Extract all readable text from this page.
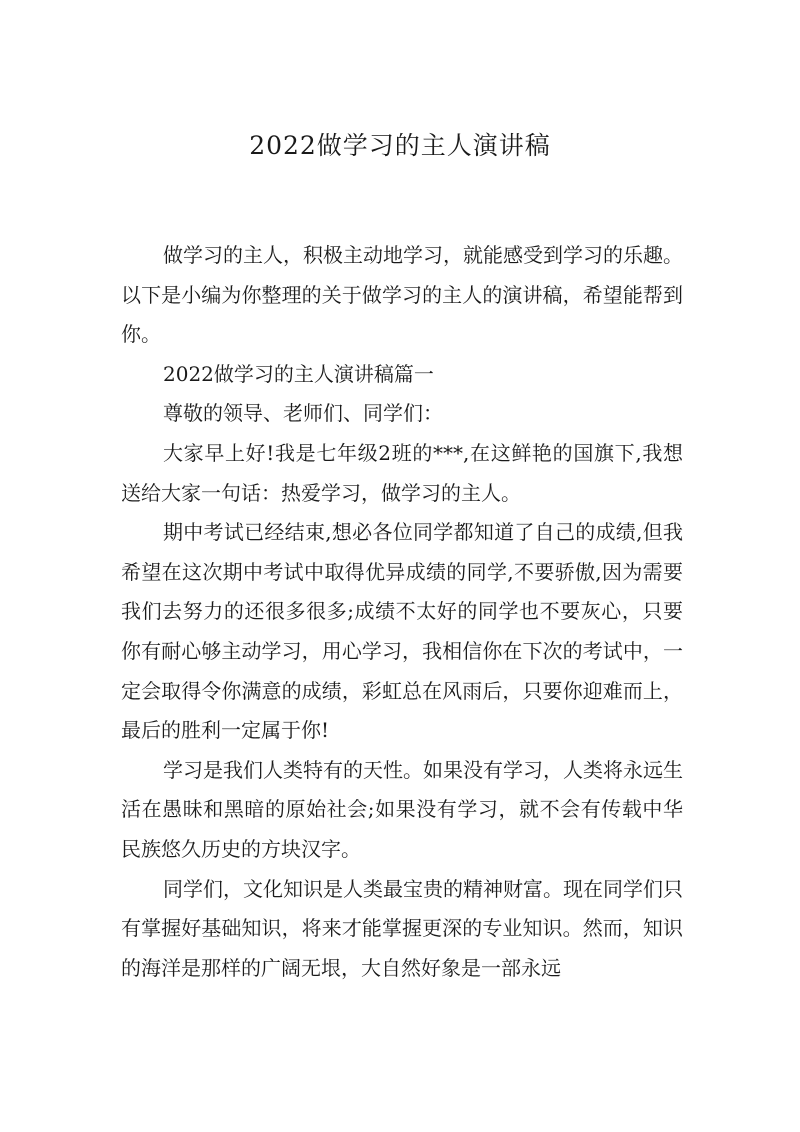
2022做学习的主人演讲稿

做学习的主人，积极主动地学习，就能感受到学习的乐趣。以下是小编为你整理的关于做学习的主人的演讲稿，希望能帮到你。

2022做学习的主人演讲稿篇一

尊敬的领导、老师们、同学们：

大家早上好!我是七年级2班的***,在这鲜艳的国旗下,我想送给大家一句话：热爱学习，做学习的主人。

期中考试已经结束,想必各位同学都知道了自己的成绩,但我希望在这次期中考试中取得优异成绩的同学,不要骄傲,因为需要我们去努力的还很多很多;成绩不太好的同学也不要灰心，只要你有耐心够主动学习，用心学习，我相信你在下次的考试中，一定会取得令你满意的成绩，彩虹总在风雨后，只要你迎难而上，最后的胜利一定属于你!

学习是我们人类特有的天性。如果没有学习，人类将永远生活在愚昧和黑暗的原始社会;如果没有学习，就不会有传载中华民族悠久历史的方块汉字。

同学们，文化知识是人类最宝贵的精神财富。现在同学们只有掌握好基础知识，将来才能掌握更深的专业知识。然而，知识的海洋是那样的广阔无垠，大自然好象是一部永远
